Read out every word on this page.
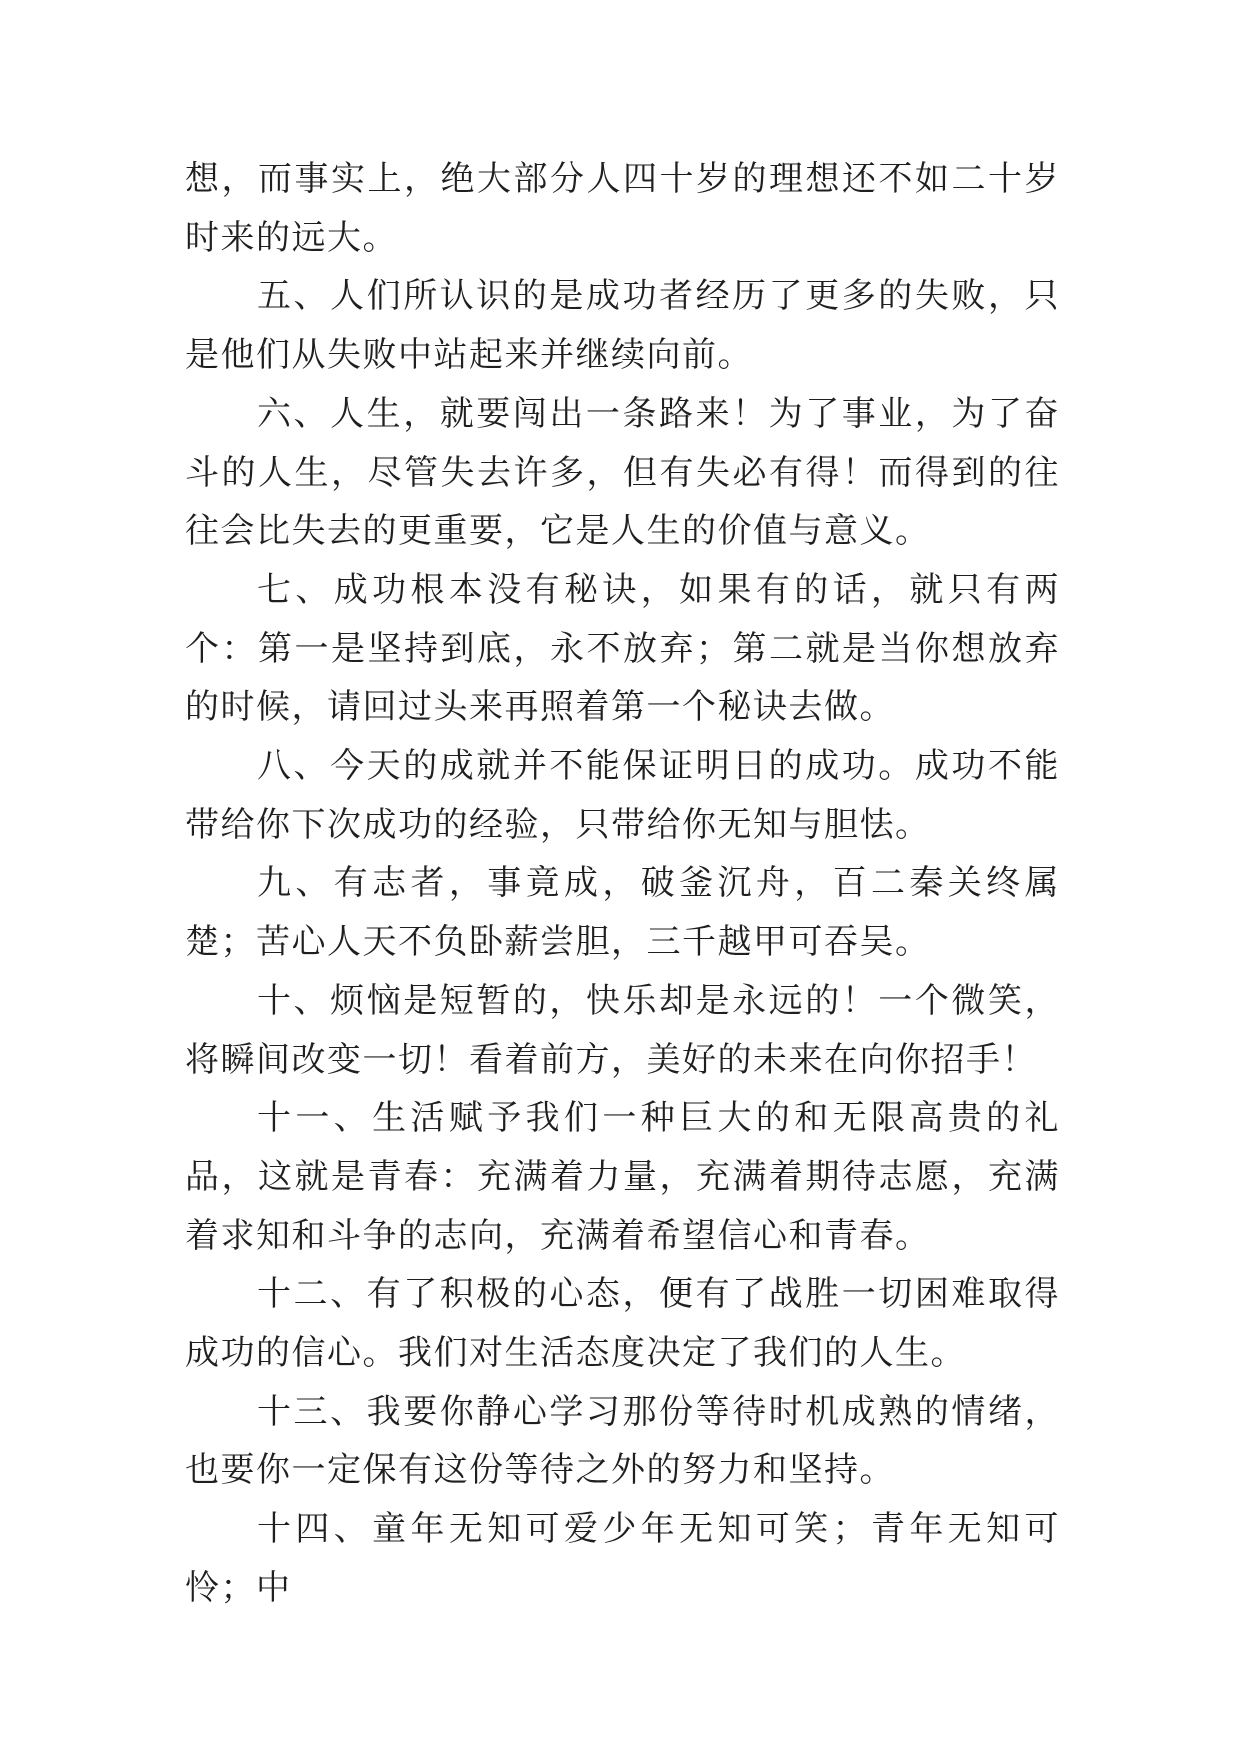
想，而事实上，绝大部分人四十岁的理想还不如二十岁时来的远大。

五、人们所认识的是成功者经历了更多的失败，只是他们从失败中站起来并继续向前。

六、人生，就要闯出一条路来！为了事业，为了奋斗的人生，尽管失去许多，但有失必有得！而得到的往往会比失去的更重要，它是人生的价值与意义。

七、成功根本没有秘诀，如果有的话，就只有两个：第一是坚持到底，永不放弃；第二就是当你想放弃的时候，请回过头来再照着第一个秘诀去做。

八、今天的成就并不能保证明日的成功。成功不能带给你下次成功的经验，只带给你无知与胆怯。

九、有志者，事竟成，破釜沉舟，百二秦关终属楚；苦心人天不负卧薪尝胆，三千越甲可吞吴。

十、烦恼是短暂的，快乐却是永远的！一个微笑，将瞬间改变一切！看着前方，美好的未来在向你招手！

十一、生活赋予我们一种巨大的和无限高贵的礼品，这就是青春：充满着力量，充满着期待志愿，充满着求知和斗争的志向，充满着希望信心和青春。

十二、有了积极的心态，便有了战胜一切困难取得成功的信心。我们对生活态度决定了我们的人生。

十三、我要你静心学习那份等待时机成熟的情绪，也要你一定保有这份等待之外的努力和坚持。

十四、童年无知可爱少年无知可笑；青年无知可怜；中
